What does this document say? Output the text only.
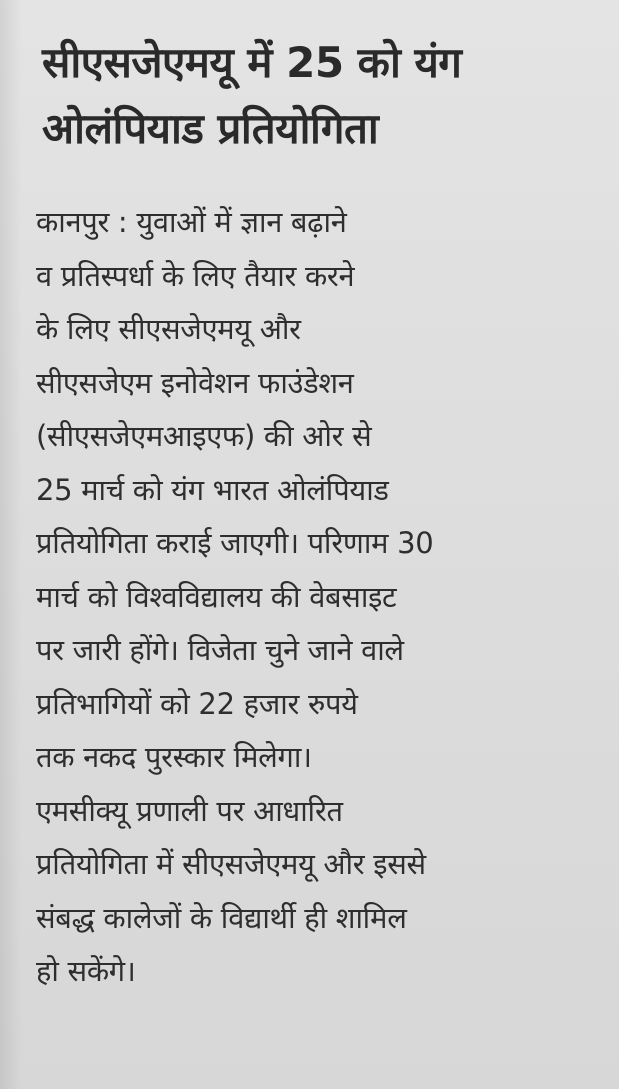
सीएसजेएमयू में 25 को यंग
ओलंपियाड प्रतियोगिता
कानपुर : युवाओं में ज्ञान बढ़ाने
व प्रतिस्पर्धा के लिए तैयार करने
के लिए सीएसजेएमयू और
सीएसजेएम इनोवेशन फाउंडेशन
(सीएसजेएमआइएफ) की ओर से
25 मार्च को यंग भारत ओलंपियाड
प्रतियोगिता कराई जाएगी। परिणाम 30
मार्च को विश्वविद्यालय की वेबसाइट
पर जारी होंगे। विजेता चुने जाने वाले
प्रतिभागियों को 22 हजार रुपये
तक नकद पुरस्कार मिलेगा।
एमसीक्यू प्रणाली पर आधारित
प्रतियोगिता में सीएसजेएमयू और इससे
संबद्ध कालेजों के विद्यार्थी ही शामिल
हो सकेंगे।
